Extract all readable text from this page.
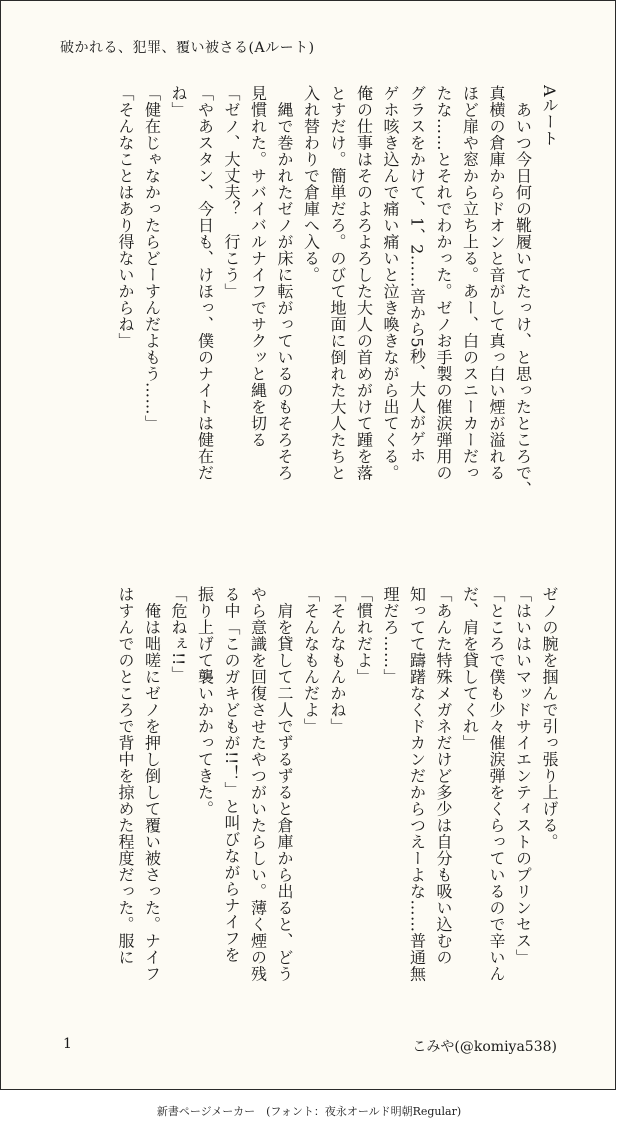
破かれる、犯罪、覆い被さる(Aルート)
Aルート
　あいつ今日何の靴履いてたっけ、と思ったところで、
真横の倉庫からドオンと音がして真っ白い煙が溢れる
ほど扉や窓から立ち上る。あー、白のスニーカーだっ
たな……とそれでわかった。ゼノお手製の催涙弾用の
グラスをかけて、1、2……音から5秒、大人がゲホ
ゲホ咳き込んで痛い痛いと泣き喚きながら出てくる。
俺の仕事はそのよろよろした大人の首めがけて踵を落
とすだけ。簡単だろ。のびて地面に倒れた大人たちと
入れ替わりで倉庫へ入る。
　縄で巻かれたゼノが床に転がっているのもそろそろ
見慣れた。サバイバルナイフでサクッと縄を切る
「ゼノ、大丈夫？　行こう」
「やあスタン、今日も、けほっ、僕のナイトは健在だ
ね」
「健在じゃなかったらどーすんだよもう……」
「そんなことはあり得ないからね」
ゼノの腕を掴んで引っ張り上げる。
「はいはいマッドサイエンティストのプリンセス」
「ところで僕も少々催涙弾をくらっているので辛いん
だ、肩を貸してくれ」
「あんた特殊メガネだけど多少は自分も吸い込むの
知ってて躊躇なくドカンだからつえーよな……普通無
理だろ……」
「慣れだよ」
「そんなもんかね」
「そんなもんだよ」
　肩を貸して二人でずるずると倉庫から出ると、どう
やら意識を回復させたやつがいたらしい。薄く煙の残
る中「このガキどもが!!！」と叫びながらナイフを
振り上げて襲いかかってきた。
「危ねぇ!!」
　俺は咄嗟にゼノを押し倒して覆い被さった。ナイフ
はすんでのところで背中を掠めた程度だった。服に
1	こみや(@komiya538)
新書ページメーカー　(フォント：夜永オールド明朝Regular)
